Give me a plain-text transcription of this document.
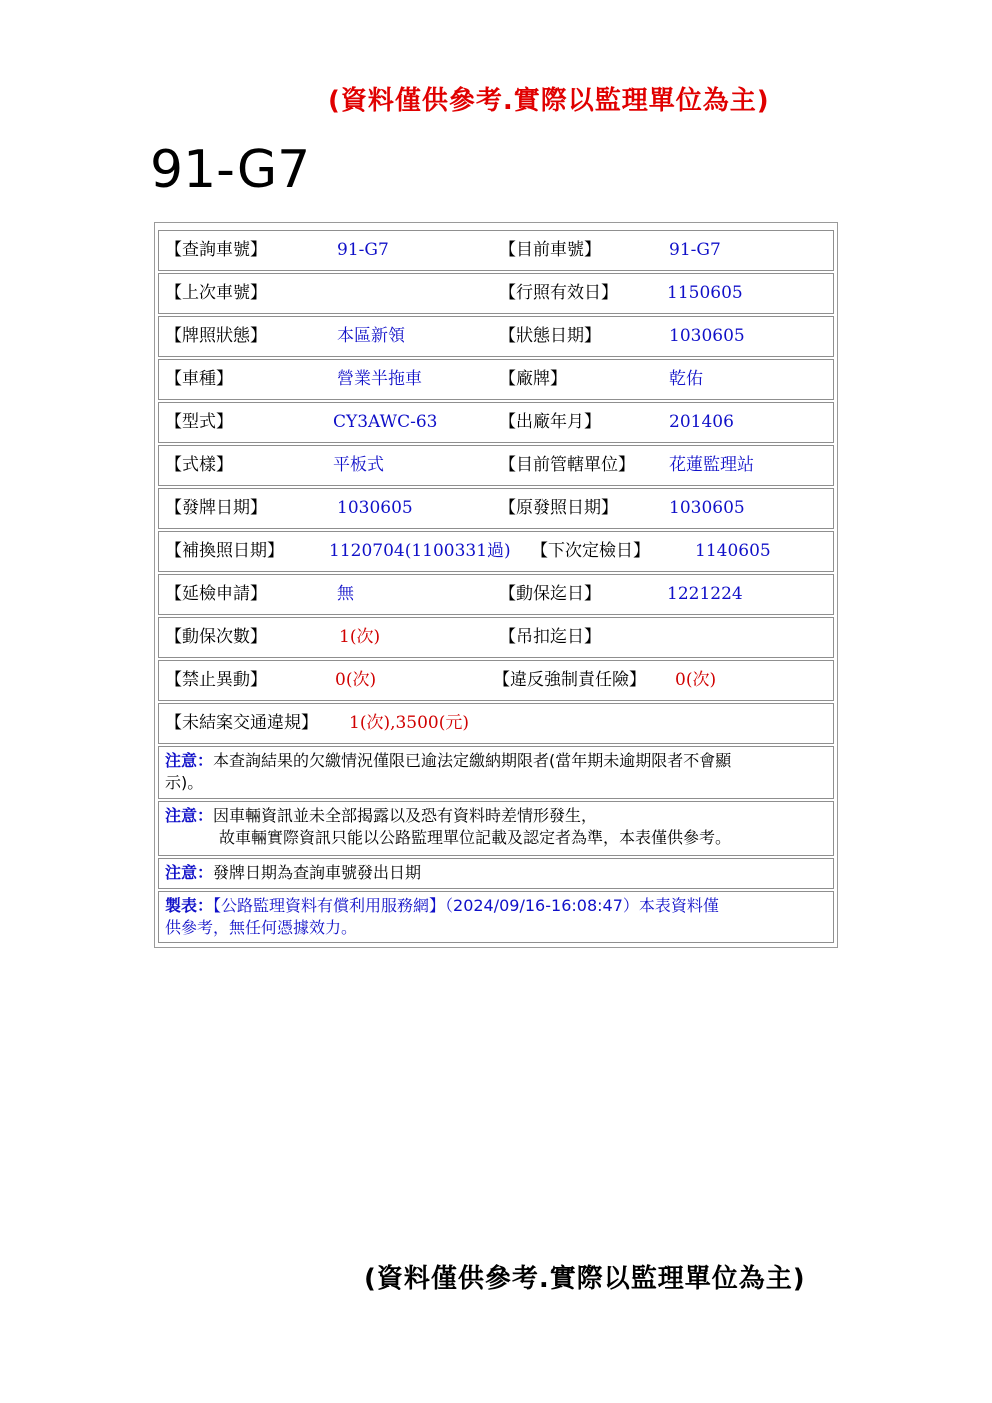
(資料僅供參考.實際以監理單位為主)
91-G7
【查詢車號】	91-G7	【目前車號】	91-G7
【上次車號】	【行照有效日】	1150605
【牌照狀態】	本區新領	【狀態日期】	1030605
【車種】	營業半拖車	【廠牌】	乾佑
【型式】	CY3AWC-63	【出廠年月】	201406
【式樣】	平板式	【目前管轄單位】 花蓮監理站
【發牌日期】	1030605	【原發照日期】	1030605
【補換照日期】	1120704(1100331過) 【下次定檢日】	1140605
【延檢申請】	無	【動保迄日】	1221224
【動保次數】	1(次)	【吊扣迄日】
【禁止異動】	0(次)	【違反強制責任險】 0(次)
【未結案交通違規】 1(次),3500(元)
注意：本查詢結果的欠繳情況僅限已逾法定繳納期限者(當年期未逾期限者不會顯
示)。
注意：因車輛資訊並未全部揭露以及恐有資料時差情形發生，
故車輛實際資訊只能以公路監理單位記載及認定者為準，本表僅供參考。
注意：發牌日期為查詢車號發出日期
製表：【公路監理資料有償利用服務網】（2024/09/16-16:08:47）本表資料僅
供參考，無任何憑據效力。
(資料僅供參考.實際以監理單位為主)
